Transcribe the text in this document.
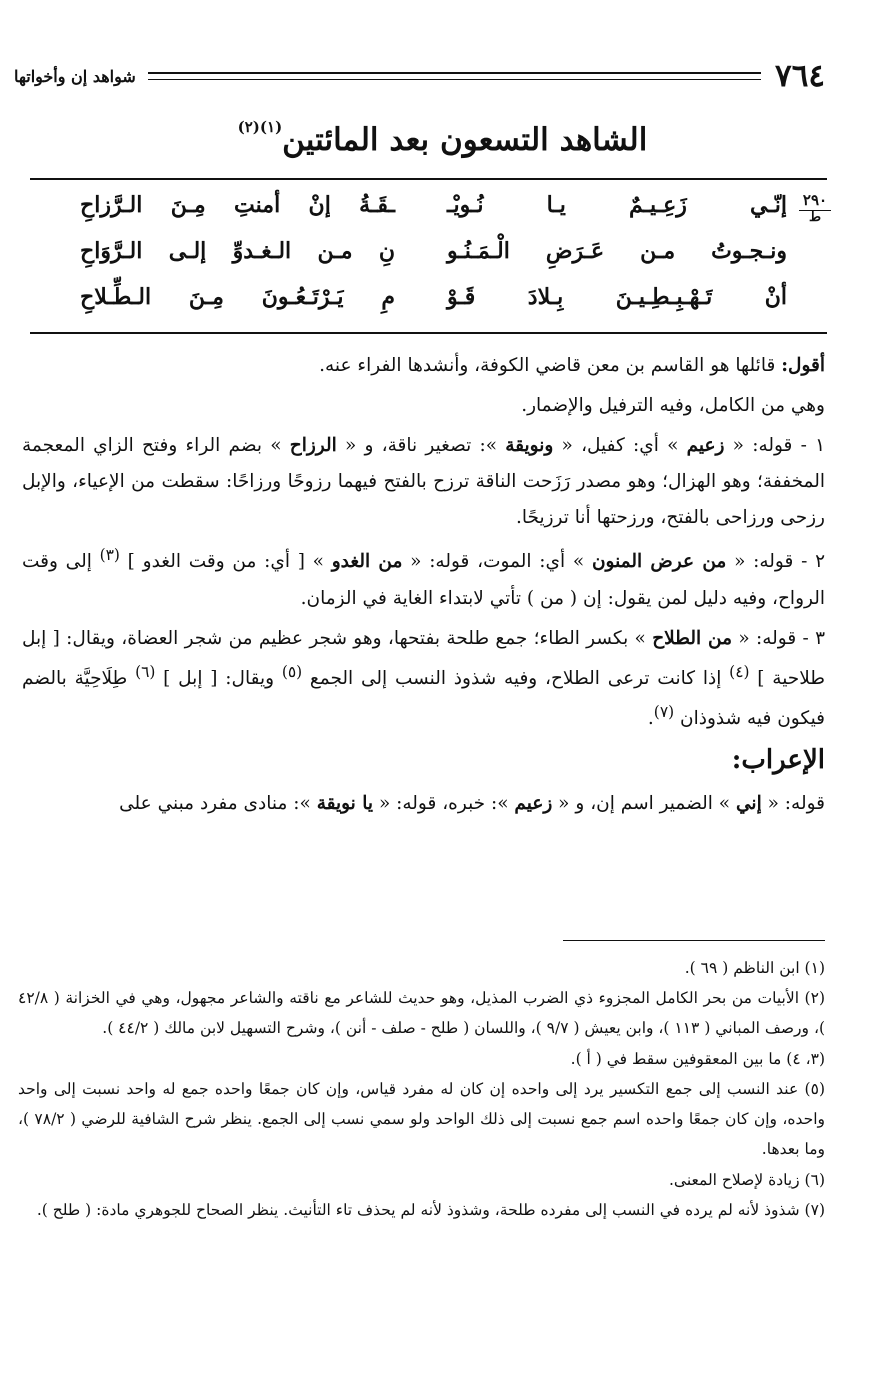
٧٦٤
شواهد إن وأخواتها
الشاهد التسعون بعد المائتين$^{(١)(٢)}$
٢٩٠
ط
إنّـي زَعِـيـمٌ يـا نُـويْـ
ـقَـةُ إنْ أمنتِ مِـنَ الـرَّزاحِ
ونـجـوتُ مـن عَـرَضِ الْـمَـنُـو
نِ مـن الـغـدوِّ إلـى الـرَّوَاحِ
أنْ تَـهْـبِـطِـيـنَ بِـلادَ قَـوْ
مِ يَـرْتَـعُـونَ مِـنَ الـطِّـلاحِ

أقول: قائلها هو القاسم بن معن قاضي الكوفة، وأنشدها الفراء عنه.

وهي من الكامل، وفيه الترفيل والإضمار.

١ - قوله: « زعيم » أي: كفيل، « ونويقة »: تصغير ناقة، و « الرزاح » بضم الراء وفتح الزاي المعجمة المخففة؛ وهو الهزال؛ وهو مصدر رَزَحت الناقة ترزح بالفتح فيهما رزوحًا ورزاحًا: سقطت من الإعياء، والإبل رزحى ورزاحى بالفتح، ورزحتها أنا ترزيحًا.

٢ - قوله: « من عرض المنون » أي: الموت، قوله: « من الغدو » [ أي: من وقت الغدو ] $^{(٣)}$ إلى وقت الرواح، وفيه دليل لمن يقول: إن ( من ) تأتي لابتداء الغاية في الزمان.

٣ - قوله: « من الطلاح » بكسر الطاء؛ جمع طلحة بفتحها، وهو شجر عظيم من شجر العضاة، ويقال: [ إبل طلاحية ] $^{(٤)}$ إذا كانت ترعى الطلاح، وفيه شذوذ النسب إلى الجمع $^{(٥)}$ ويقال: [ إبل ] $^{(٦)}$ طِلَاحِيَّة بالضم فيكون فيه شذوذان $^{(٧)}$.

الإعراب:

قوله: « إني » الضمير اسم إن، و « زعيم »: خبره، قوله: « يا نويقة »: منادى مفرد مبني على

(١) ابن الناظم ( ٦٩ ).

(٢) الأبيات من بحر الكامل المجزوء ذي الضرب المذيل، وهو حديث للشاعر مع ناقته والشاعر مجهول، وهي في الخزانة ( ٤٢/٨ )، ورصف المباني ( ١١٣ )، وابن يعيش ( ٩/٧ )، واللسان ( طلح - صلف - أنن )، وشرح التسهيل لابن مالك ( ٤٤/٢ ).

(٣، ٤) ما بين المعقوفين سقط في ( أ ).

(٥) عند النسب إلى جمع التكسير يرد إلى واحده إن كان له مفرد قياس، وإن كان جمعًا واحده جمع له واحد نسبت إلى واحد واحده، وإن كان جمعًا واحده اسم جمع نسبت إلى ذلك الواحد ولو سمي نسب إلى الجمع. ينظر شرح الشافية للرضي ( ٧٨/٢ )، وما بعدها.

(٦) زيادة لإصلاح المعنى.

(٧) شذوذ لأنه لم يرده في النسب إلى مفرده طلحة، وشذوذ لأنه لم يحذف تاء التأنيث. ينظر الصحاح للجوهري مادة: ( طلح ).
